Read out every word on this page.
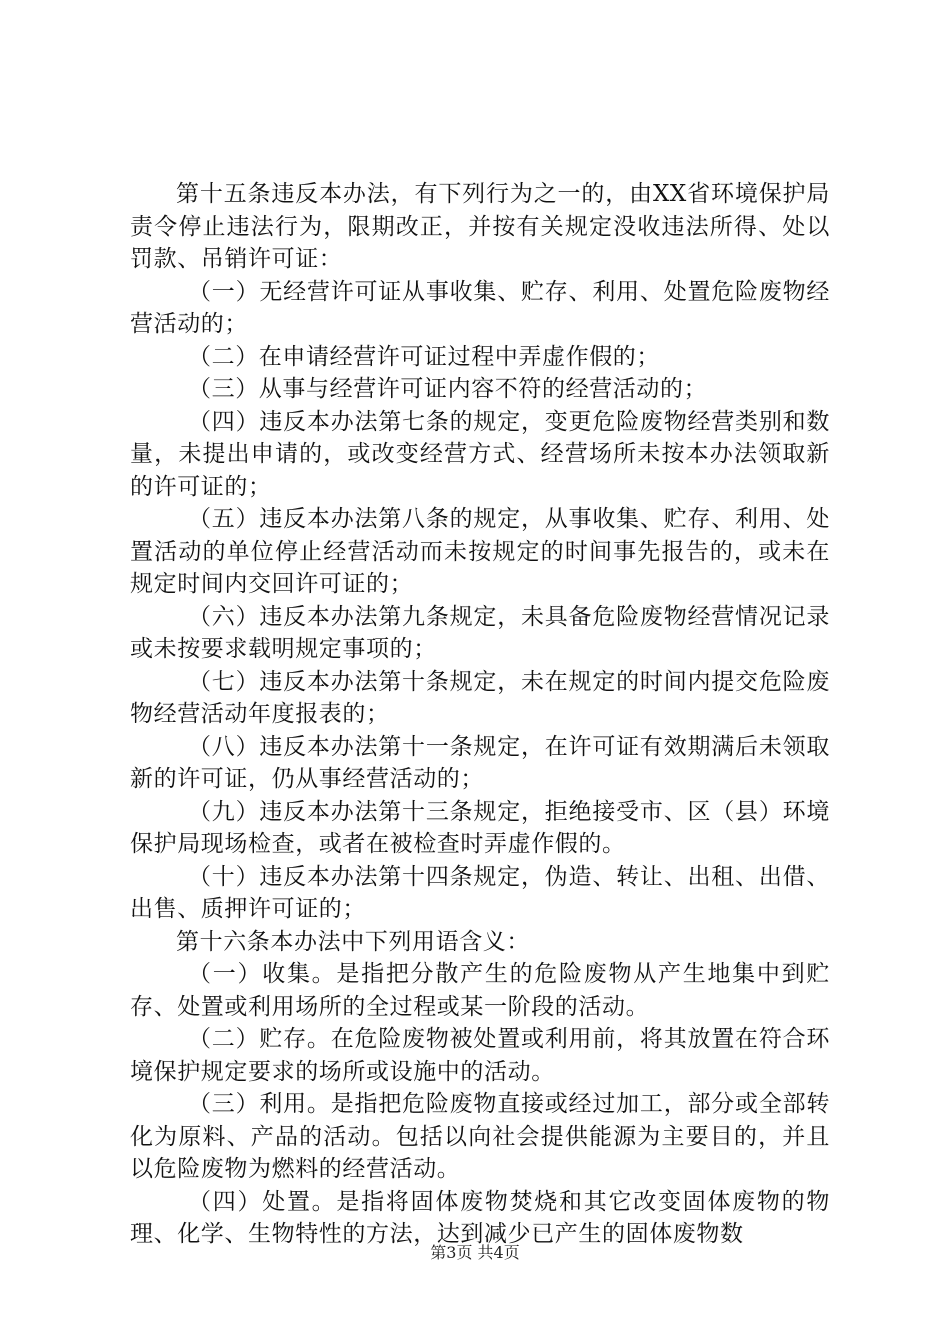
第十五条违反本办法，有下列行为之一的，由XX省环境保护局责令停止违法行为，限期改正，并按有关规定没收违法所得、处以罚款、吊销许可证：

（一）无经营许可证从事收集、贮存、利用、处置危险废物经营活动的；

（二）在申请经营许可证过程中弄虚作假的；

（三）从事与经营许可证内容不符的经营活动的；

（四）违反本办法第七条的规定，变更危险废物经营类别和数量，未提出申请的，或改变经营方式、经营场所未按本办法领取新的许可证的；

（五）违反本办法第八条的规定，从事收集、贮存、利用、处置活动的单位停止经营活动而未按规定的时间事先报告的，或未在规定时间内交回许可证的；

（六）违反本办法第九条规定，未具备危险废物经营情况记录或未按要求载明规定事项的；

（七）违反本办法第十条规定，未在规定的时间内提交危险废物经营活动年度报表的；

（八）违反本办法第十一条规定，在许可证有效期满后未领取新的许可证，仍从事经营活动的；

（九）违反本办法第十三条规定，拒绝接受市、区（县）环境保护局现场检查，或者在被检查时弄虚作假的。

（十）违反本办法第十四条规定，伪造、转让、出租、出借、出售、质押许可证的；

第十六条本办法中下列用语含义：

（一）收集。是指把分散产生的危险废物从产生地集中到贮存、处置或利用场所的全过程或某一阶段的活动。

（二）贮存。在危险废物被处置或利用前，将其放置在符合环境保护规定要求的场所或设施中的活动。

（三）利用。是指把危险废物直接或经过加工，部分或全部转化为原料、产品的活动。包括以向社会提供能源为主要目的，并且以危险废物为燃料的经营活动。

（四）处置。是指将固体废物焚烧和其它改变固体废物的物理、化学、生物特性的方法，达到减少已产生的固体废物数

第3页 共4页
